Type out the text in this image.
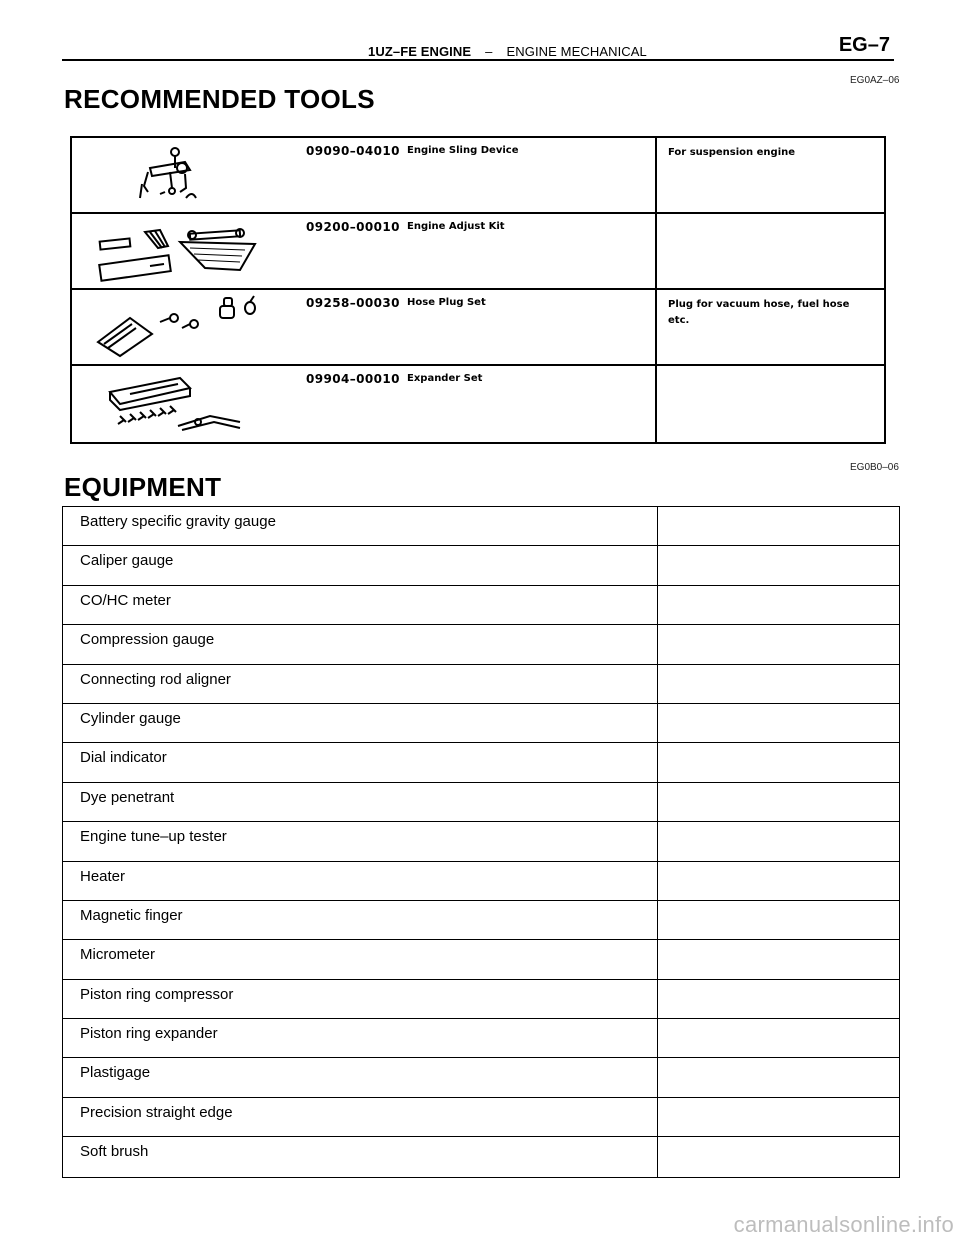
1UZ–FE ENGINE – ENGINE MECHANICAL	EG–7
EG0AZ–06
RECOMMENDED TOOLS
09090–04010 Engine Sling Device	For suspension engine
09200–00010 Engine Adjust Kit
09258–00030 Hose Plug Set	Plug for vacuum hose, fuel hose etc.
09904–00010 Expander Set
EG0B0–06
EQUIPMENT
Battery specific gravity gauge
Caliper gauge
CO/HC meter
Compression gauge
Connecting rod aligner
Cylinder gauge
Dial indicator
Dye penetrant
Engine tune–up tester
Heater
Magnetic finger
Micrometer
Piston ring compressor
Piston ring expander
Plastigage
Precision straight edge
Soft brush
carmanualsonline.info
